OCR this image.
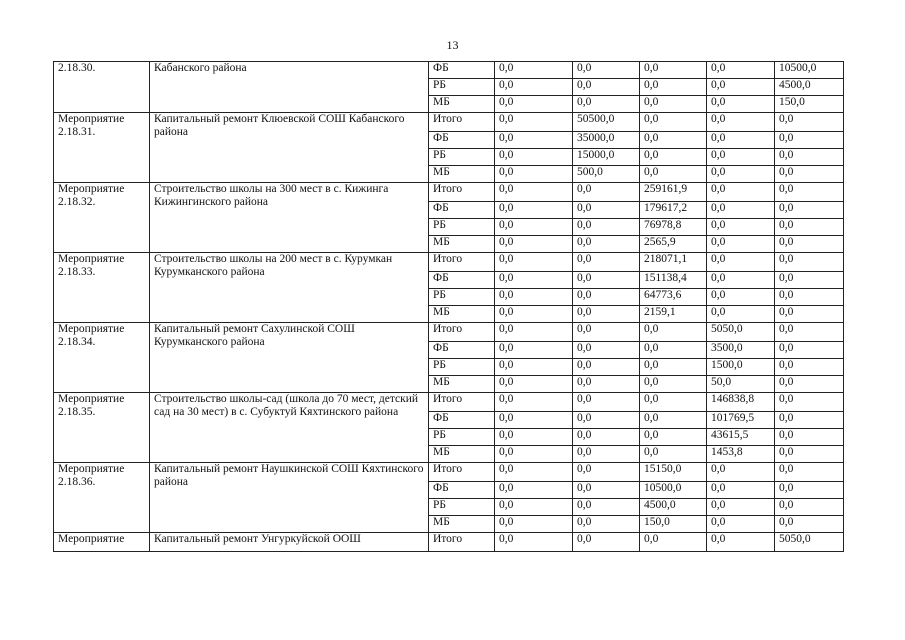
13
2.18.30.	Кабанского района	ФБ	0,0	0,0	0,0	0,0	10500,0
		РБ	0,0	0,0	0,0	0,0	4500,0
		МБ	0,0	0,0	0,0	0,0	150,0
Мероприятие 2.18.31.	Капитальный ремонт Клюевской СОШ Кабанского района	Итого	0,0	50500,0	0,0	0,0	0,0
		ФБ	0,0	35000,0	0,0	0,0	0,0
		РБ	0,0	15000,0	0,0	0,0	0,0
		МБ	0,0	500,0	0,0	0,0	0,0
Мероприятие 2.18.32.	Строительство школы на 300 мест в с. Кижинга Кижингинского района	Итого	0,0	0,0	259161,9	0,0	0,0
		ФБ	0,0	0,0	179617,2	0,0	0,0
		РБ	0,0	0,0	76978,8	0,0	0,0
		МБ	0,0	0,0	2565,9	0,0	0,0
Мероприятие 2.18.33.	Строительство школы на 200 мест в с. Курумкан Курумканского района	Итого	0,0	0,0	218071,1	0,0	0,0
		ФБ	0,0	0,0	151138,4	0,0	0,0
		РБ	0,0	0,0	64773,6	0,0	0,0
		МБ	0,0	0,0	2159,1	0,0	0,0
Мероприятие 2.18.34.	Капитальный ремонт Сахулинской СОШ Курумканского района	Итого	0,0	0,0	0,0	5050,0	0,0
		ФБ	0,0	0,0	0,0	3500,0	0,0
		РБ	0,0	0,0	0,0	1500,0	0,0
		МБ	0,0	0,0	0,0	50,0	0,0
Мероприятие 2.18.35.	Строительство школы-сад (школа до 70 мест, детский сад на 30 мест) в с. Субуктуй Кяхтинского района	Итого	0,0	0,0	0,0	146838,8	0,0
		ФБ	0,0	0,0	0,0	101769,5	0,0
		РБ	0,0	0,0	0,0	43615,5	0,0
		МБ	0,0	0,0	0,0	1453,8	0,0
Мероприятие 2.18.36.	Капитальный ремонт Наушкинской СОШ Кяхтинского района	Итого	0,0	0,0	15150,0	0,0	0,0
		ФБ	0,0	0,0	10500,0	0,0	0,0
		РБ	0,0	0,0	4500,0	0,0	0,0
		МБ	0,0	0,0	150,0	0,0	0,0
Мероприятие	Капитальный ремонт Унгуркуйской ООШ	Итого	0,0	0,0	0,0	0,0	5050,0
